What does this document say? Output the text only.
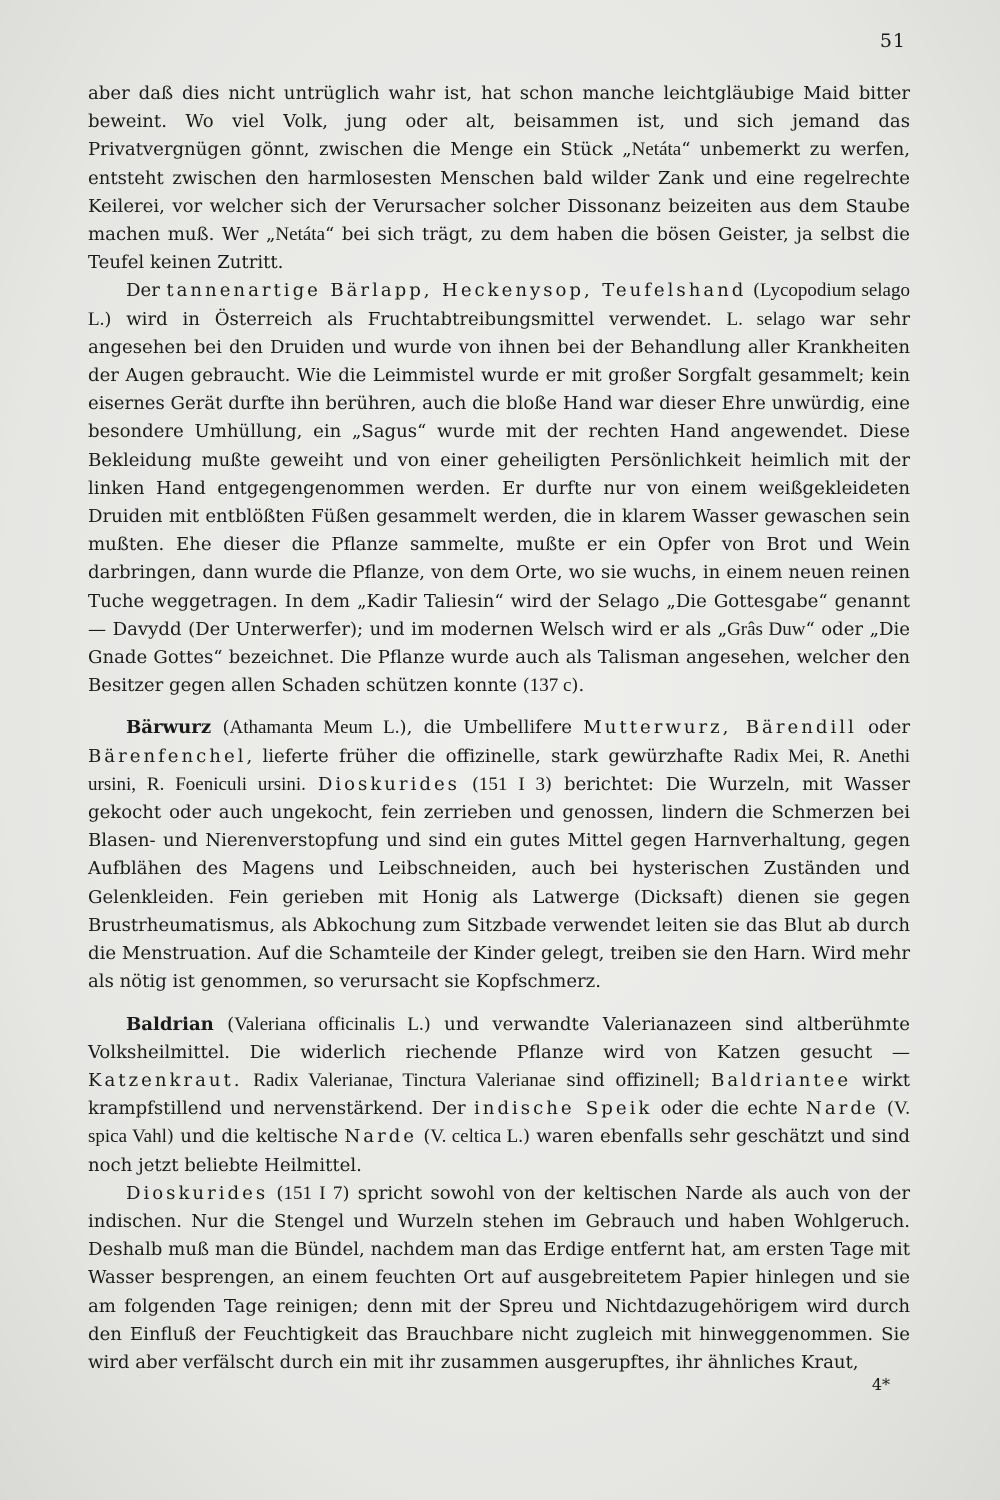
51

aber daß dies nicht untrüglich wahr ist, hat schon manche leichtgläubige Maid bitter beweint. Wo viel Volk, jung oder alt, beisammen ist, und sich jemand das Privatvergnügen gönnt, zwischen die Menge ein Stück „Netáta“ unbemerkt zu werfen, entsteht zwischen den harmlosesten Menschen bald wilder Zank und eine regelrechte Keilerei, vor welcher sich der Verursacher solcher Dissonanz beizeiten aus dem Staube machen muß. Wer „Netáta“ bei sich trägt, zu dem haben die bösen Geister, ja selbst die Teufel keinen Zutritt.

Der tannenartige Bärlapp, Heckenysop, Teufelshand (Lycopodium selago L.) wird in Österreich als Fruchtabtreibungsmittel verwendet. L. selago war sehr angesehen bei den Druiden und wurde von ihnen bei der Behandlung aller Krankheiten der Augen gebraucht. Wie die Leimmistel wurde er mit großer Sorgfalt gesammelt; kein eisernes Gerät durfte ihn berühren, auch die bloße Hand war dieser Ehre unwürdig, eine besondere Umhüllung, ein „Sagus“ wurde mit der rechten Hand angewendet. Diese Bekleidung mußte geweiht und von einer geheiligten Persönlichkeit heimlich mit der linken Hand entgegengenommen werden. Er durfte nur von einem weißgekleideten Druiden mit entblößten Füßen gesammelt werden, die in klarem Wasser gewaschen sein mußten. Ehe dieser die Pflanze sammelte, mußte er ein Opfer von Brot und Wein darbringen, dann wurde die Pflanze, von dem Orte, wo sie wuchs, in einem neuen reinen Tuche weggetragen. In dem „Kadir Taliesin“ wird der Selago „Die Gottesgabe“ genannt — Davydd (Der Unterwerfer); und im modernen Welsch wird er als „Grâs Duw“ oder „Die Gnade Gottes“ bezeichnet. Die Pflanze wurde auch als Talisman angesehen, welcher den Besitzer gegen allen Schaden schützen konnte (137 c).

Bärwurz (Athamanta Meum L.), die Umbellifere Mutterwurz, Bärendill oder Bärenfenchel, lieferte früher die offizinelle, stark gewürzhafte Radix Mei, R. Anethi ursini, R. Foeniculi ursini. Dioskurides (151 I 3) berichtet: Die Wurzeln, mit Wasser gekocht oder auch ungekocht, fein zerrieben und genossen, lindern die Schmerzen bei Blasen- und Nierenverstopfung und sind ein gutes Mittel gegen Harnverhaltung, gegen Aufblähen des Magens und Leibschneiden, auch bei hysterischen Zuständen und Gelenkleiden. Fein gerieben mit Honig als Latwerge (Dicksaft) dienen sie gegen Brustrheumatismus, als Abkochung zum Sitzbade verwendet leiten sie das Blut ab durch die Menstruation. Auf die Schamteile der Kinder gelegt, treiben sie den Harn. Wird mehr als nötig ist genommen, so verursacht sie Kopfschmerz.

Baldrian (Valeriana officinalis L.) und verwandte Valerianazeen sind altberühmte Volksheilmittel. Die widerlich riechende Pflanze wird von Katzen gesucht — Katzenkraut. Radix Valerianae, Tinctura Valerianae sind offizinell; Baldriantee wirkt krampfstillend und nervenstärkend. Der indische Speik oder die echte Narde (V. spica Vahl) und die keltische Narde (V. celtica L.) waren ebenfalls sehr geschätzt und sind noch jetzt beliebte Heilmittel.

Dioskurides (151 I 7) spricht sowohl von der keltischen Narde als auch von der indischen. Nur die Stengel und Wurzeln stehen im Gebrauch und haben Wohlgeruch. Deshalb muß man die Bündel, nachdem man das Erdige entfernt hat, am ersten Tage mit Wasser besprengen, an einem feuchten Ort auf ausgebreitetem Papier hinlegen und sie am folgenden Tage reinigen; denn mit der Spreu und Nichtdazugehörigem wird durch den Einfluß der Feuchtigkeit das Brauchbare nicht zugleich mit hinweggenommen. Sie wird aber verfälscht durch ein mit ihr zusammen ausgerupftes, ihr ähnliches Kraut,

4*
